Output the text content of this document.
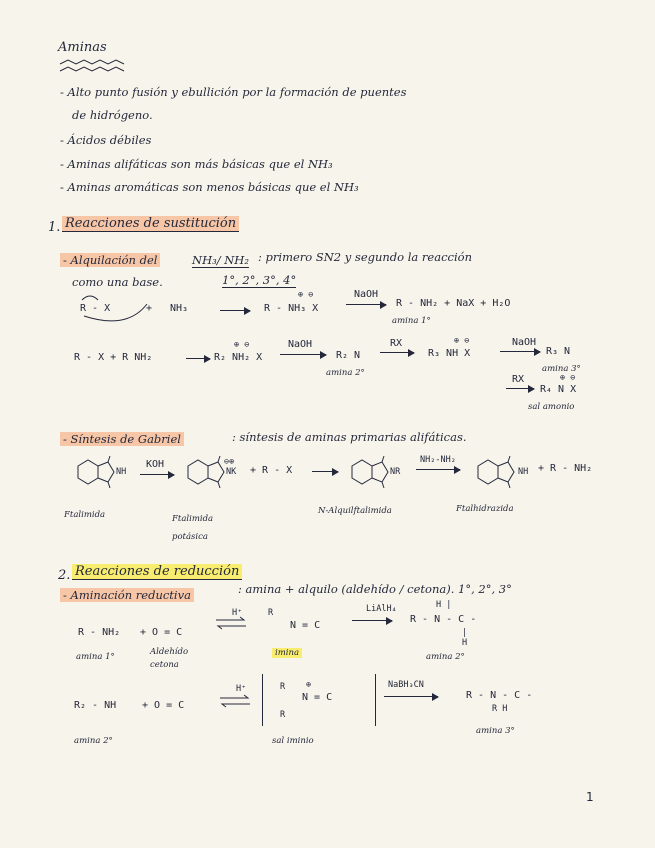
Aminas
- Alto punto fusión y ebullición por la formación de puentes
de hidrógeno.
- Ácidos débiles
- Aminas alifáticas son más básicas que el NH₃
- Aminas aromáticas son menos básicas que el NH₃
1. Reacciones de sustitución
- Alquilación del	NH₃/ NH₂ : primero SN2 y segundo la reacción
como una base.	1°, 2°, 3°, 4°
R - X	+ NH₃
⊕ ⊖
R - NH₃ X
NaOH
R - NH₂ + NaX + H₂O
amina 1°
R - X + R NH₂	R₂ NH₂ X
⊕ ⊖	NaOH
R₂ N
RX
R₃ NH X
⊕ ⊖	NaOH
R₃ N
amina 2°	amina 3°
RX	⊕ ⊖
R₄ N X
sal amonio
- Síntesis de Gabriel	: síntesis de aminas primarias alifáticas.
NH
KOH	⊖⊕
NK + R - X	NR
NH₂-NH₂
NH + R - NH₂
Ftalimida	Ftalimida potásica
N-Alquilftalimida	Ftalhidrazida
2. Reacciones de reducción
- Aminación reductiva	: amina + alquilo (aldehído / cetona). 1°, 2°, 3°
R - NH₂ + O = C
H⁺	R
N = C
LiAlH₄
R - N - C -
H |
|
H
amina 1°	Aldehído cetona
imina	amina 2°
R₂ - NH	+ O = C
H⁺	R
R
⊕
N = C
NaBH₃CN
R - N - C -
R H
amina 2°	sal iminio
amina 3°
1
